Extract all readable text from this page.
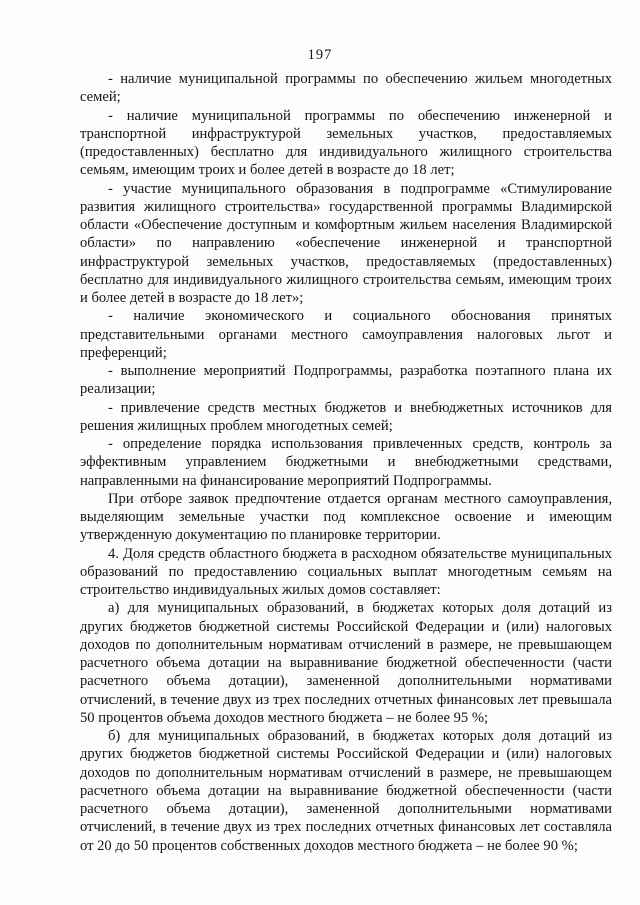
197

- наличие муниципальной программы по обеспечению жильем многодетных семей;

- наличие муниципальной программы по обеспечению инженерной и транспортной инфраструктурой земельных участков, предоставляемых (предоставленных) бесплатно для индивидуального жилищного строительства семьям, имеющим троих и более детей в возрасте до 18 лет;

- участие муниципального образования в подпрограмме «Стимулирование развития жилищного строительства» государственной программы Владимирской области «Обеспечение доступным и комфортным жильем населения Владимирской области» по направлению «обеспечение инженерной и транспортной инфраструктурой земельных участков, предоставляемых (предоставленных) бесплатно для индивидуального жилищного строительства семьям, имеющим троих и более детей в возрасте до 18 лет»;

- наличие экономического и социального обоснования принятых представительными органами местного самоуправления налоговых льгот и преференций;

- выполнение мероприятий Подпрограммы, разработка поэтапного плана их реализации;

- привлечение средств местных бюджетов и внебюджетных источников для решения жилищных проблем многодетных семей;

- определение порядка использования привлеченных средств, контроль за эффективным управлением бюджетными и внебюджетными средствами, направленными на финансирование мероприятий Подпрограммы.

При отборе заявок предпочтение отдается органам местного самоуправления, выделяющим земельные участки под комплексное освоение и имеющим утвержденную документацию по планировке территории.

4. Доля средств областного бюджета в расходном обязательстве муниципальных образований по предоставлению социальных выплат многодетным семьям на строительство индивидуальных жилых домов составляет:

а) для муниципальных образований, в бюджетах которых доля дотаций из других бюджетов бюджетной системы Российской Федерации и (или) налоговых доходов по дополнительным нормативам отчислений в размере, не превышающем расчетного объема дотации на выравнивание бюджетной обеспеченности (части расчетного объема дотации), замененной дополнительными нормативами отчислений, в течение двух из трех последних отчетных финансовых лет превышала 50 процентов объема доходов местного бюджета – не более 95 %;

б) для муниципальных образований, в бюджетах которых доля дотаций из других бюджетов бюджетной системы Российской Федерации и (или) налоговых доходов по дополнительным нормативам отчислений в размере, не превышающем расчетного объема дотации на выравнивание бюджетной обеспеченности (части расчетного объема дотации), замененной дополнительными нормативами отчислений, в течение двух из трех последних отчетных финансовых лет составляла от 20 до 50 процентов собственных доходов местного бюджета – не более 90 %;
